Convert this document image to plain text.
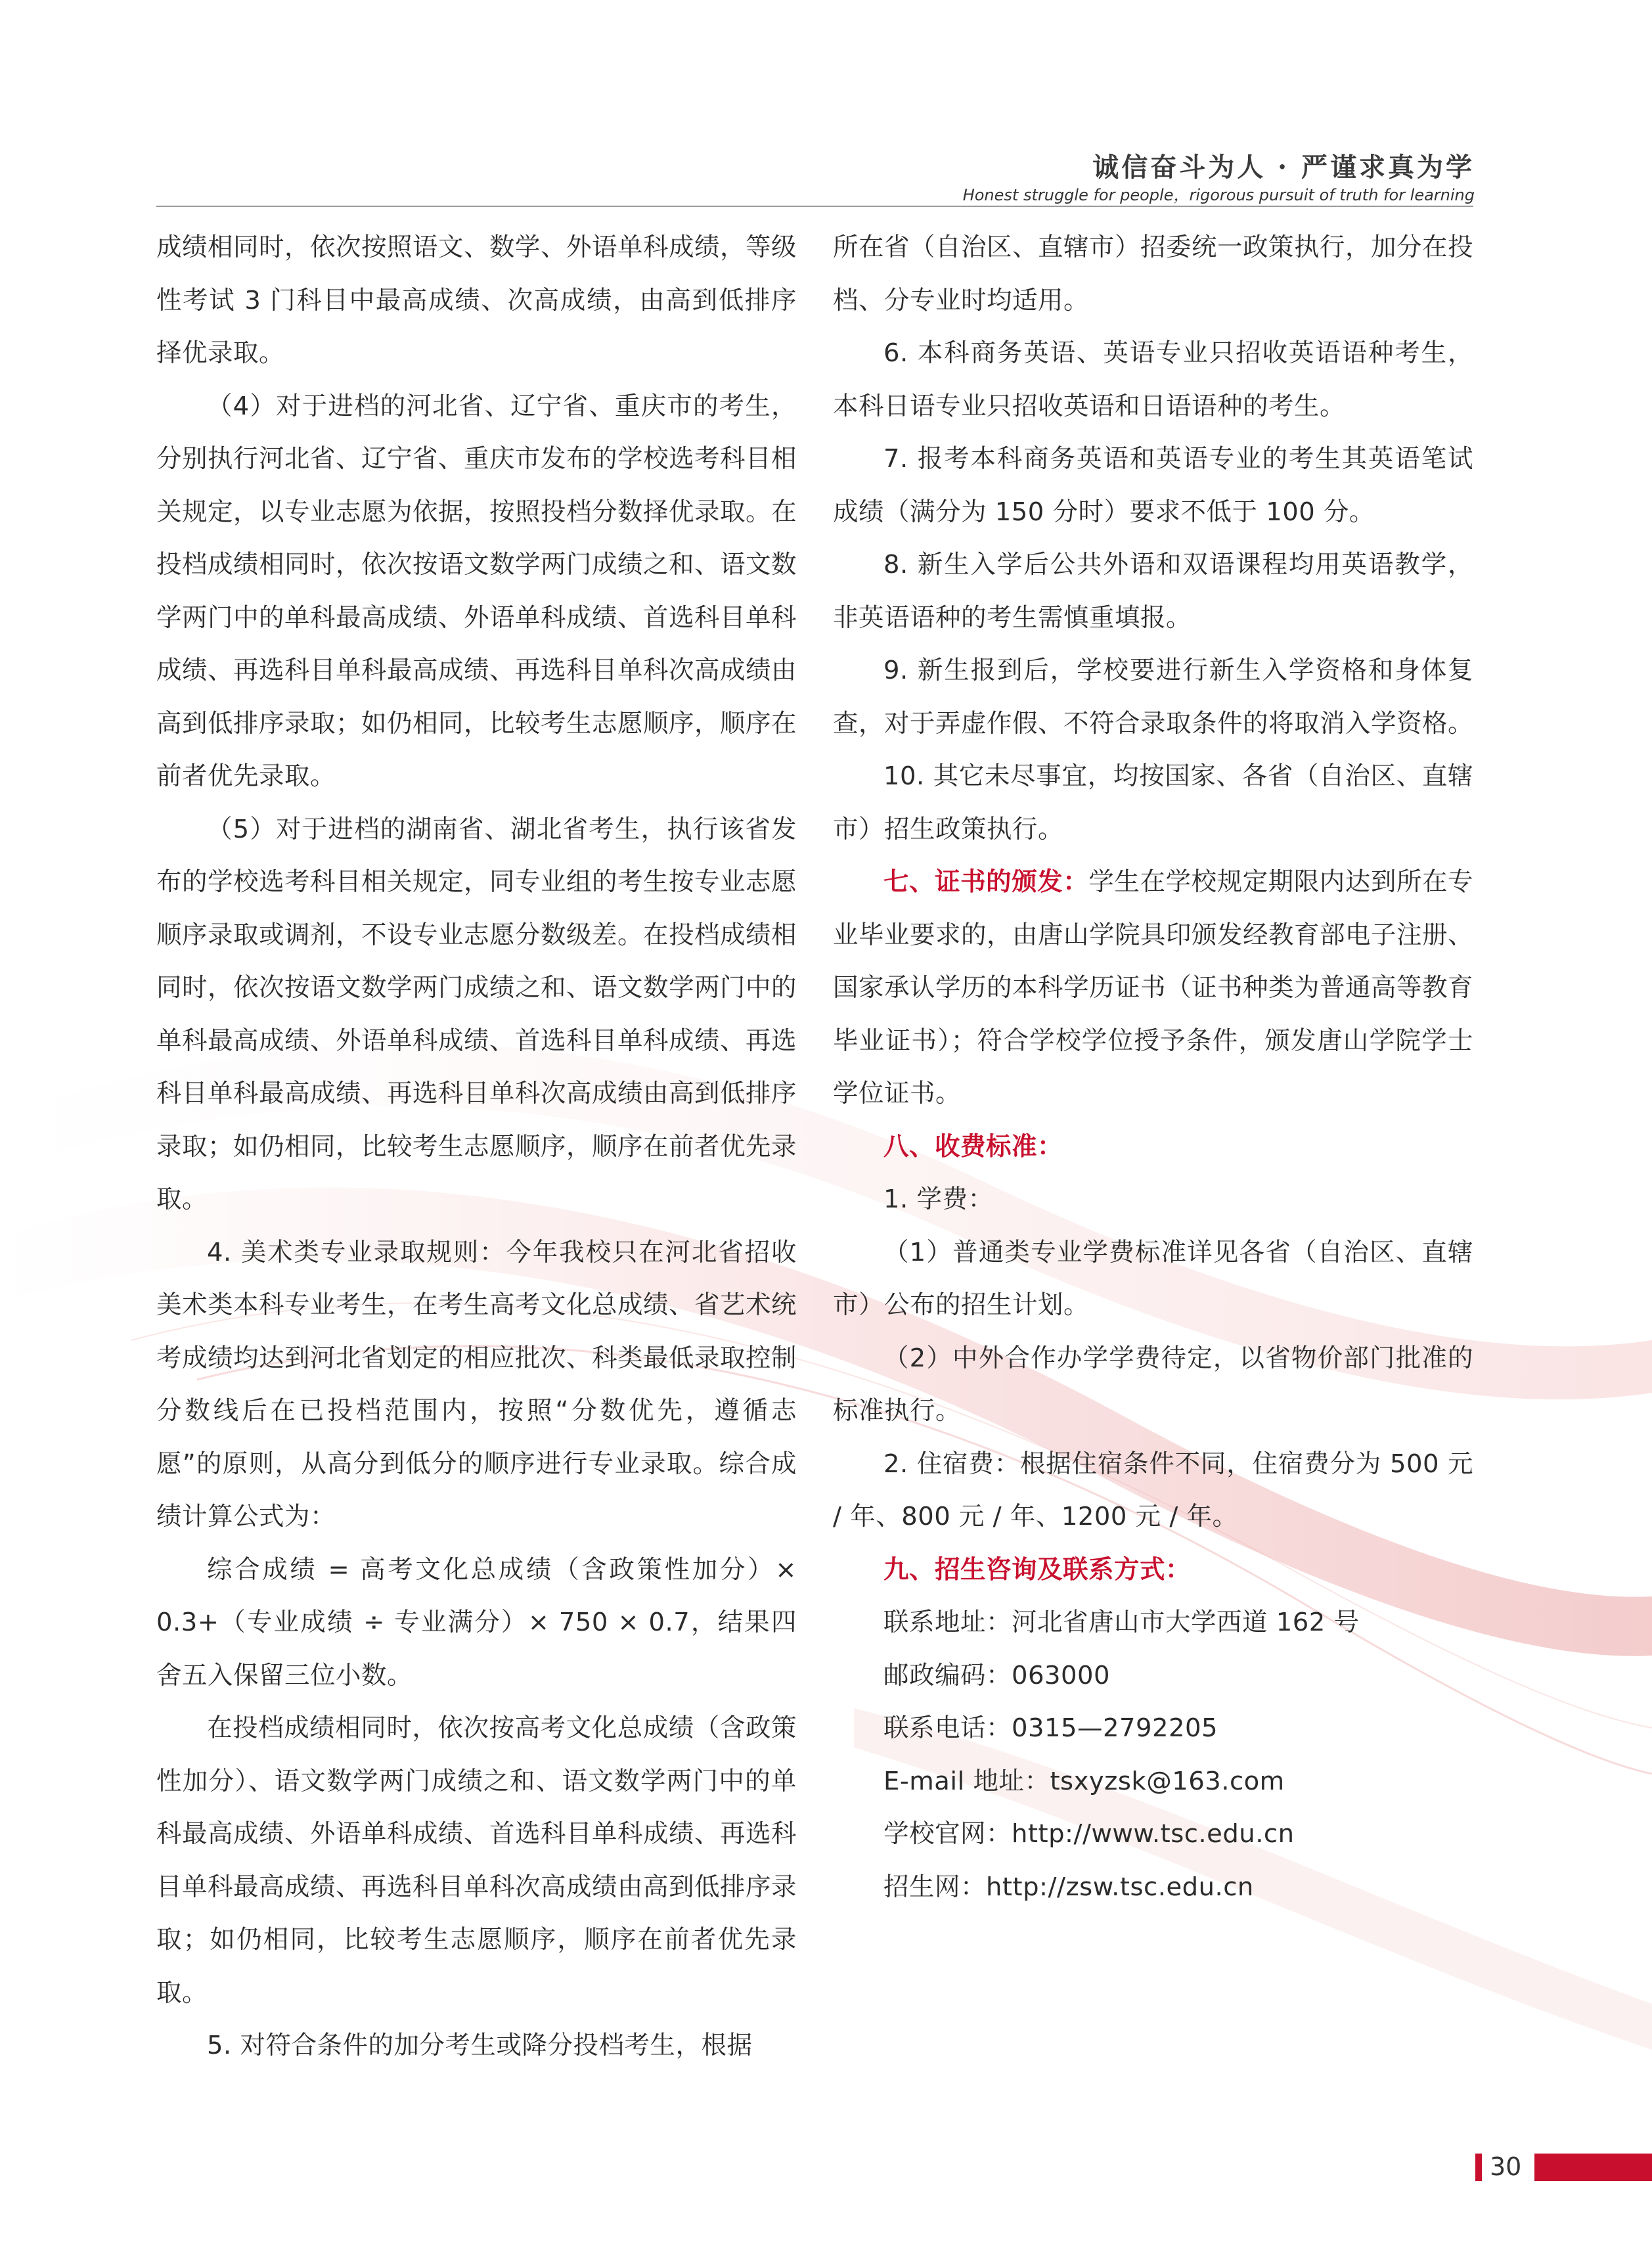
诚信奋斗为人 · 严谨求真为学
Honest struggle for people，rigorous pursuit of truth for learning

成绩相同时，依次按照语文、数学、外语单科成绩，等级性考试 3 门科目中最高成绩、次高成绩，由高到低排序择优录取。

（4）对于进档的河北省、辽宁省、重庆市的考生，分别执行河北省、辽宁省、重庆市发布的学校选考科目相关规定，以专业志愿为依据，按照投档分数择优录取。在投档成绩相同时，依次按语文数学两门成绩之和、语文数学两门中的单科最高成绩、外语单科成绩、首选科目单科成绩、再选科目单科最高成绩、再选科目单科次高成绩由高到低排序录取；如仍相同，比较考生志愿顺序，顺序在前者优先录取。

（5）对于进档的湖南省、湖北省考生，执行该省发布的学校选考科目相关规定，同专业组的考生按专业志愿顺序录取或调剂，不设专业志愿分数级差。在投档成绩相同时，依次按语文数学两门成绩之和、语文数学两门中的单科最高成绩、外语单科成绩、首选科目单科成绩、再选科目单科最高成绩、再选科目单科次高成绩由高到低排序录取；如仍相同，比较考生志愿顺序，顺序在前者优先录取。

4. 美术类专业录取规则：今年我校只在河北省招收美术类本科专业考生，在考生高考文化总成绩、省艺术统考成绩均达到河北省划定的相应批次、科类最低录取控制分数线后在已投档范围内，按照“分数优先，遵循志愿”的原则，从高分到低分的顺序进行专业录取。综合成绩计算公式为：

综合成绩 = 高考文化总成绩（含政策性加分）× 0.3+（专业成绩 ÷ 专业满分）× 750 × 0.7，结果四舍五入保留三位小数。

在投档成绩相同时，依次按高考文化总成绩（含政策性加分）、语文数学两门成绩之和、语文数学两门中的单科最高成绩、外语单科成绩、首选科目单科成绩、再选科目单科最高成绩、再选科目单科次高成绩由高到低排序录取；如仍相同，比较考生志愿顺序，顺序在前者优先录取。

5. 对符合条件的加分考生或降分投档考生，根据

所在省（自治区、直辖市）招委统一政策执行，加分在投档、分专业时均适用。

6. 本科商务英语、英语专业只招收英语语种考生，本科日语专业只招收英语和日语语种的考生。

7. 报考本科商务英语和英语专业的考生其英语笔试成绩（满分为 150 分时）要求不低于 100 分。

8. 新生入学后公共外语和双语课程均用英语教学，非英语语种的考生需慎重填报。

9. 新生报到后，学校要进行新生入学资格和身体复查，对于弄虚作假、不符合录取条件的将取消入学资格。

10. 其它未尽事宜，均按国家、各省（自治区、直辖市）招生政策执行。

七、证书的颁发：学生在学校规定期限内达到所在专业毕业要求的，由唐山学院具印颁发经教育部电子注册、国家承认学历的本科学历证书（证书种类为普通高等教育毕业证书）；符合学校学位授予条件，颁发唐山学院学士学位证书。

八、收费标准：

1. 学费：

（1）普通类专业学费标准详见各省（自治区、直辖市）公布的招生计划。

（2）中外合作办学学费待定，以省物价部门批准的标准执行。

2. 住宿费：根据住宿条件不同，住宿费分为 500 元 / 年、800 元 / 年、1200 元 / 年。

九、招生咨询及联系方式：

联系地址：河北省唐山市大学西道 162 号

邮政编码：063000

联系电话：0315—2792205

E-mail 地址：tsxyzsk@163.com

学校官网：http://www.tsc.edu.cn

招生网：http://zsw.tsc.edu.cn

30
